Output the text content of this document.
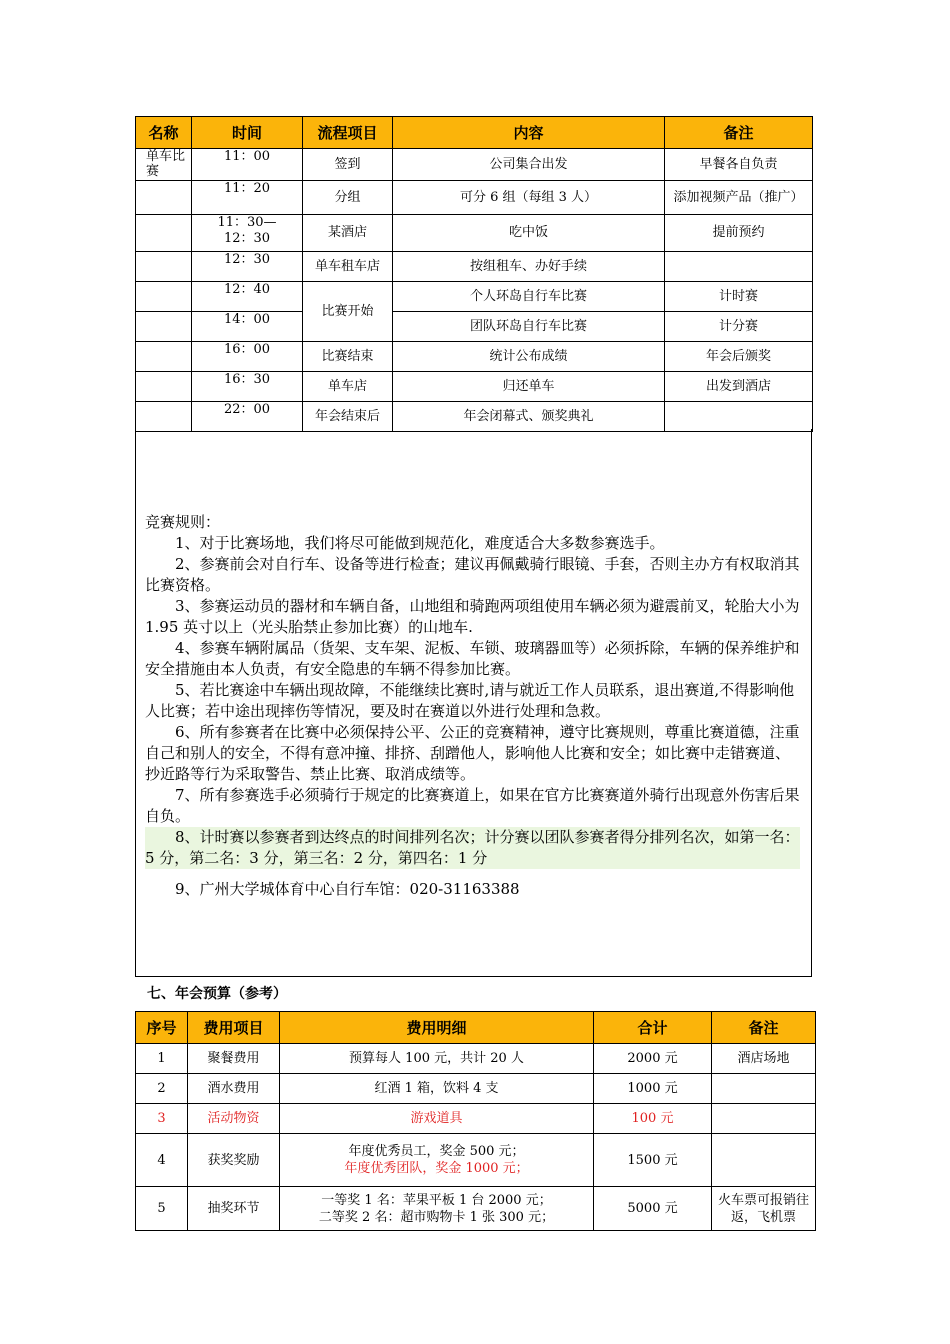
名称	时间	流程项目	内容	备注
单车比赛	11：00	签到	公司集合出发	早餐各自负责
	11：20	分组	可分 6 组（每组 3 人）	添加视频产品（推广）
	11：30—12：30	某酒店	吃中饭	提前预约
	12：30	单车租车店	按组租车、办好手续	
	12：40	比赛开始	个人环岛自行车比赛	计时赛
	14：00		团队环岛自行车比赛	计分赛
	16：00	比赛结束	统计公布成绩	年会后颁奖
	16：30	单车店	归还单车	出发到酒店
	22：00	年会结束后	年会闭幕式、颁奖典礼	

竞赛规则：

1、对于比赛场地，我们将尽可能做到规范化，难度适合大多数参赛选手。

2、参赛前会对自行车、设备等进行检查；建议再佩戴骑行眼镜、手套，否则主办方有权取消其比赛资格。

3、参赛运动员的器材和车辆自备，山地组和骑跑两项组使用车辆必须为避震前叉，轮胎大小为 1.95 英寸以上（光头胎禁止参加比赛）的山地车.

4、参赛车辆附属品（货架、支车架、泥板、车锁、玻璃器皿等）必须拆除，车辆的保养维护和安全措施由本人负责，有安全隐患的车辆不得参加比赛。

5、若比赛途中车辆出现故障，不能继续比赛时,请与就近工作人员联系，退出赛道,不得影响他人比赛；若中途出现摔伤等情况，要及时在赛道以外进行处理和急救。

6、所有参赛者在比赛中必须保持公平、公正的竞赛精神，遵守比赛规则，尊重比赛道德，注重自己和别人的安全，不得有意冲撞、排挤、刮蹭他人，影响他人比赛和安全；如比赛中走错赛道、抄近路等行为采取警告、禁止比赛、取消成绩等。

7、所有参赛选手必须骑行于规定的比赛赛道上，如果在官方比赛赛道外骑行出现意外伤害后果自负。

8、计时赛以参赛者到达终点的时间排列名次；计分赛以团队参赛者得分排列名次，如第一名：5 分，第二名：3 分，第三名：2 分，第四名：1 分

9、广州大学城体育中心自行车馆：020-31163388

七、年会预算（参考）
序号	费用项目	费用明细	合计	备注
1	聚餐费用	预算每人 100 元，共计 20 人	2000 元	酒店场地
2	酒水费用	红酒 1 箱，饮料 4 支	1000 元	
3	活动物资	游戏道具	100 元	
4	获奖奖励	年度优秀员工，奖金 500 元；
年度优秀团队，奖金 1000 元；	1500 元	
5	抽奖环节	一等奖 1 名：苹果平板 1 台 2000 元；
二等奖 2 名：超市购物卡 1 张 300 元；	5000 元	火车票可报销往返，飞机票
